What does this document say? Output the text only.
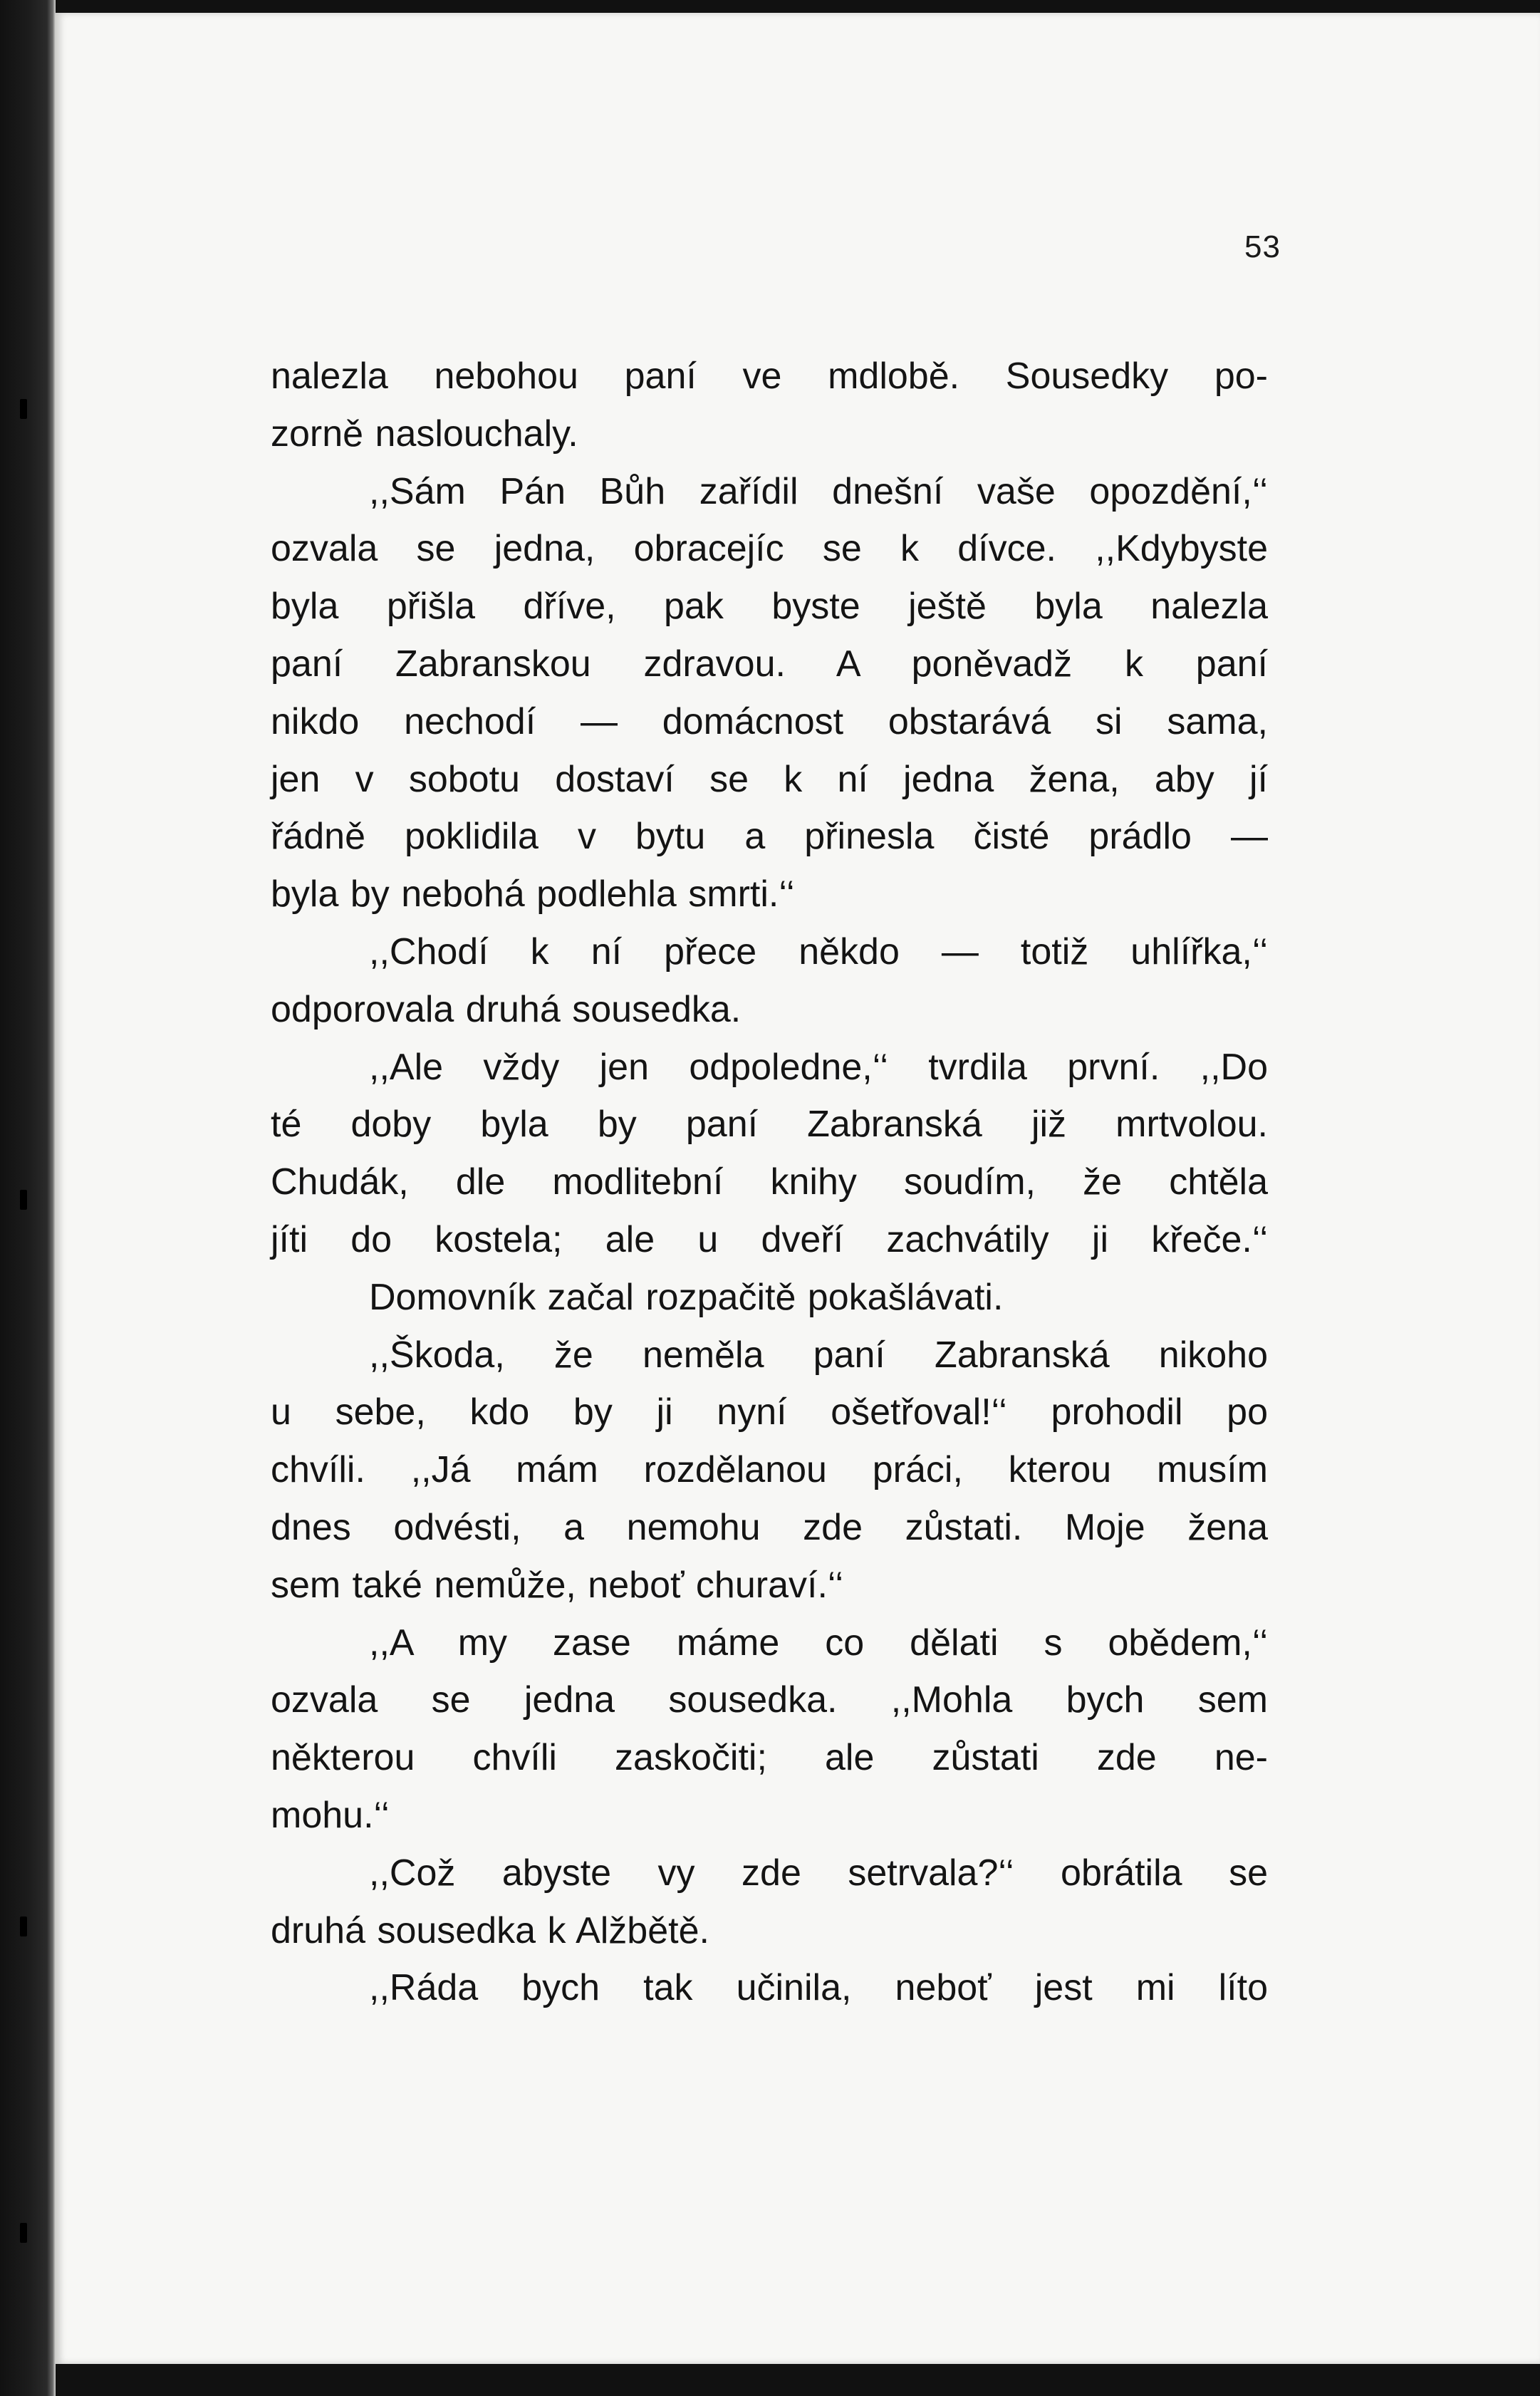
53
nalezla nebohou paní ve mdlobě. Sousedky po-
zorně naslouchaly.
,,Sám Pán Bůh zařídil dnešní vaše opozdění,‘‘
ozvala se jedna, obracejíc se k dívce. ,,Kdybyste
byla přišla dříve, pak byste ještě byla nalezla
paní Zabranskou zdravou. A poněvadž k paní
nikdo nechodí — domácnost obstarává si sama,
jen v sobotu dostaví se k ní jedna žena, aby jí
řádně poklidila v bytu a přinesla čisté prádlo —
byla by nebohá podlehla smrti.‘‘
,,Chodí k ní přece někdo — totiž uhlířka,‘‘
odporovala druhá sousedka.
,,Ale vždy jen odpoledne,‘‘ tvrdila první. ,,Do
té doby byla by paní Zabranská již mrtvolou.
Chudák, dle modlitební knihy soudím, že chtěla
jíti do kostela; ale u dveří zachvátily ji křeče.‘‘
Domovník začal rozpačitě pokašlávati.
,,Škoda, že neměla paní Zabranská nikoho
u sebe, kdo by ji nyní ošetřoval!‘‘ prohodil po
chvíli. ,,Já mám rozdělanou práci, kterou musím
dnes odvésti, a nemohu zde zůstati. Moje žena
sem také nemůže, neboť churaví.‘‘
,,A my zase máme co dělati s obědem,‘‘
ozvala se jedna sousedka. ,,Mohla bych sem
některou chvíli zaskočiti; ale zůstati zde ne-
mohu.‘‘
,,Což abyste vy zde setrvala?‘‘ obrátila se
druhá sousedka k Alžbětě.
,,Ráda bych tak učinila, neboť jest mi líto
